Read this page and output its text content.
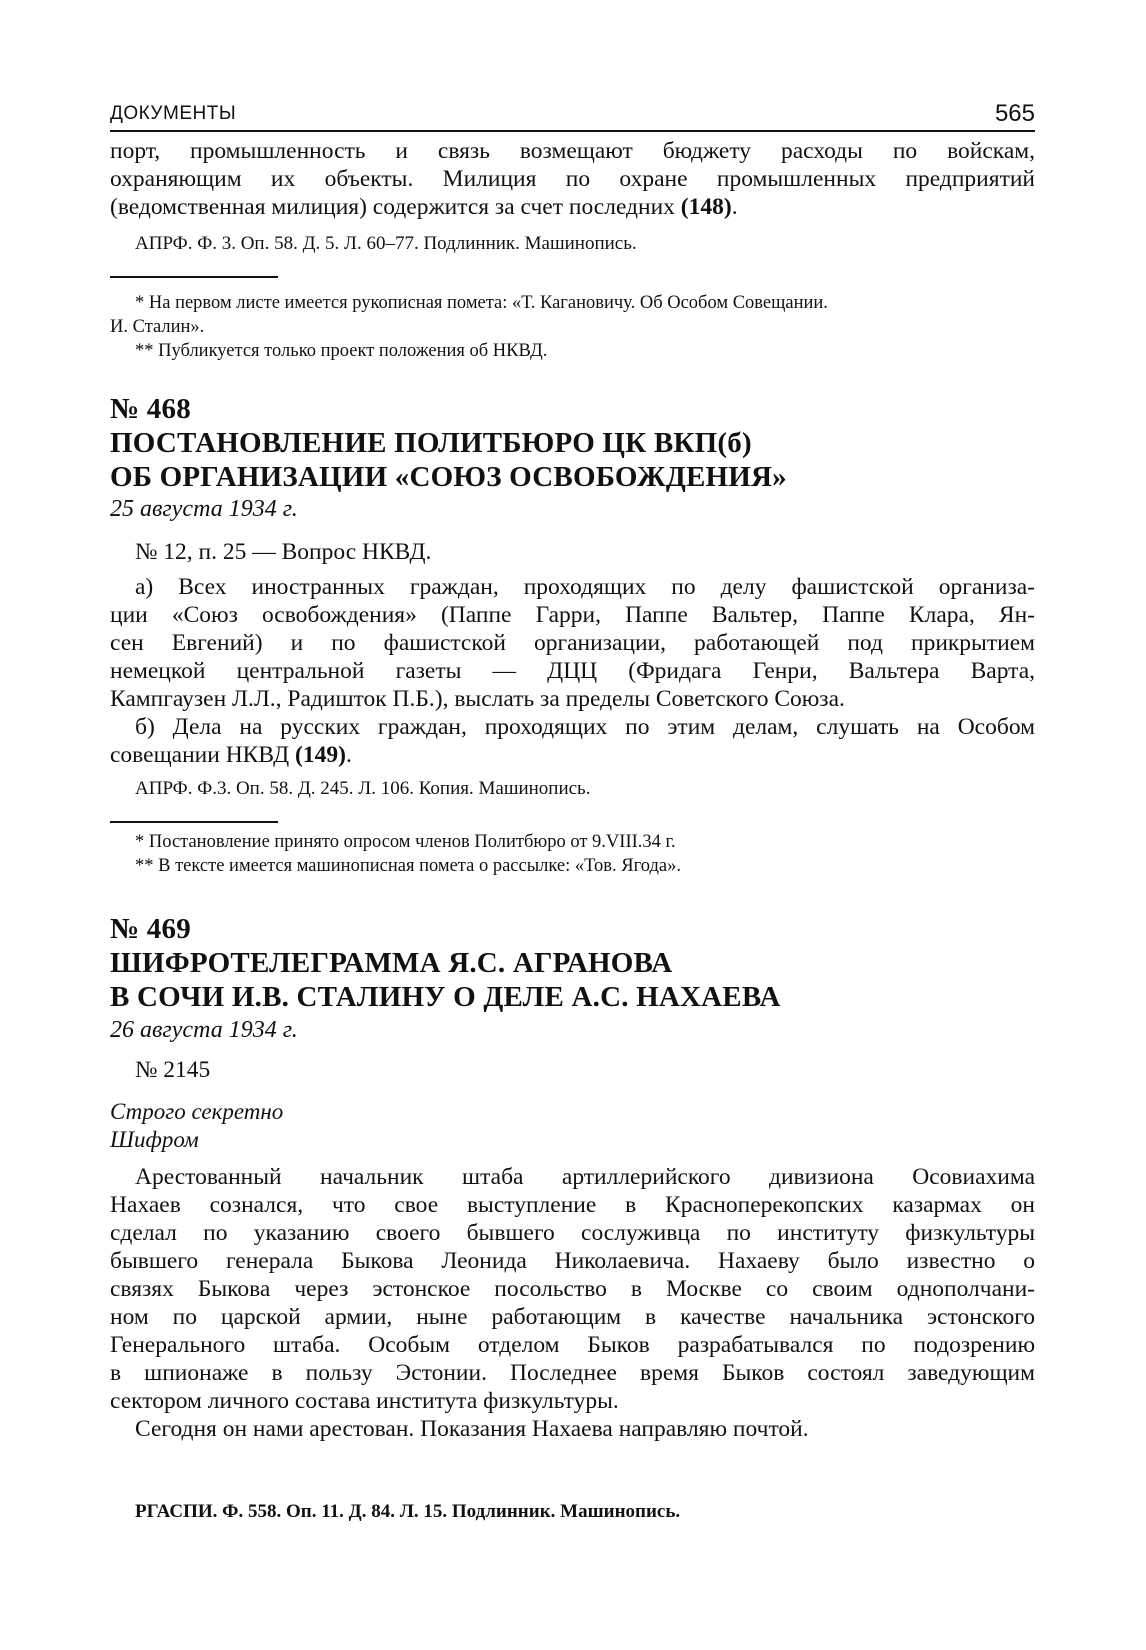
ДОКУМЕНТЫ	565

порт, промышленность и связь возмещают бюджету расходы по войскам,

охраняющим их объекты. Милиция по охране промышленных предприятий

(ведомственная милиция) содержится за счет последних (148).

АПРФ. Ф. 3. Оп. 58. Д. 5. Л. 60–77. Подлинник. Машинопись.

* На первом листе имеется рукописная помета: «Т. Кагановичу. Об Особом Совещании.

И. Сталин».

** Публикуется только проект положения об НКВД.

№ 468
ПОСТАНОВЛЕНИЕ ПОЛИТБЮРО ЦК ВКП(б)
ОБ ОРГАНИЗАЦИИ «СОЮЗ ОСВОБОЖДЕНИЯ»
25 августа 1934 г.

№ 12, п. 25 — Вопрос НКВД.

а) Всех иностранных граждан, проходящих по делу фашистской организа-

ции «Союз освобождения» (Паппе Гарри, Паппе Вальтер, Паппе Клара, Ян-

сен Евгений) и по фашистской организации, работающей под прикрытием

немецкой центральной газеты — ДЦЦ (Фридага Генри, Вальтера Варта,

Кампгаузен Л.Л., Радишток П.Б.), выслать за пределы Советского Союза.

б) Дела на русских граждан, проходящих по этим делам, слушать на Особом

совещании НКВД (149).

АПРФ. Ф.3. Оп. 58. Д. 245. Л. 106. Копия. Машинопись.

* Постановление принято опросом членов Политбюро от 9.VIII.34 г.

** В тексте имеется машинописная помета о рассылке: «Тов. Ягода».

№ 469
ШИФРОТЕЛЕГРАММА Я.С. АГРАНОВА
В СОЧИ И.В. СТАЛИНУ О ДЕЛЕ А.С. НАХАЕВА
26 августа 1934 г.

№ 2145

Строго секретно
Шифром

Арестованный начальник штаба артиллерийского дивизиона Осовиахима

Нахаев сознался, что свое выступление в Краснoперекопских казармах он

сделал по указанию своего бывшего сослуживца по институту физкультуры

бывшего генерала Быкова Леонида Николаевича. Нахаеву было известно о

связях Быкова через эстонское посольство в Москве со своим однополчани-

ном по царской армии, ныне работающим в качестве начальника эстонского

Генерального штаба. Особым отделом Быков разрабатывался по подозрению

в шпионаже в пользу Эстонии. Последнее время Быков состоял заведующим

сектором личного состава института физкультуры.

Сегодня он нами арестован. Показания Нахаева направляю почтой.

РГАСПИ. Ф. 558. Оп. 11. Д. 84. Л. 15. Подлинник. Машинопись.
